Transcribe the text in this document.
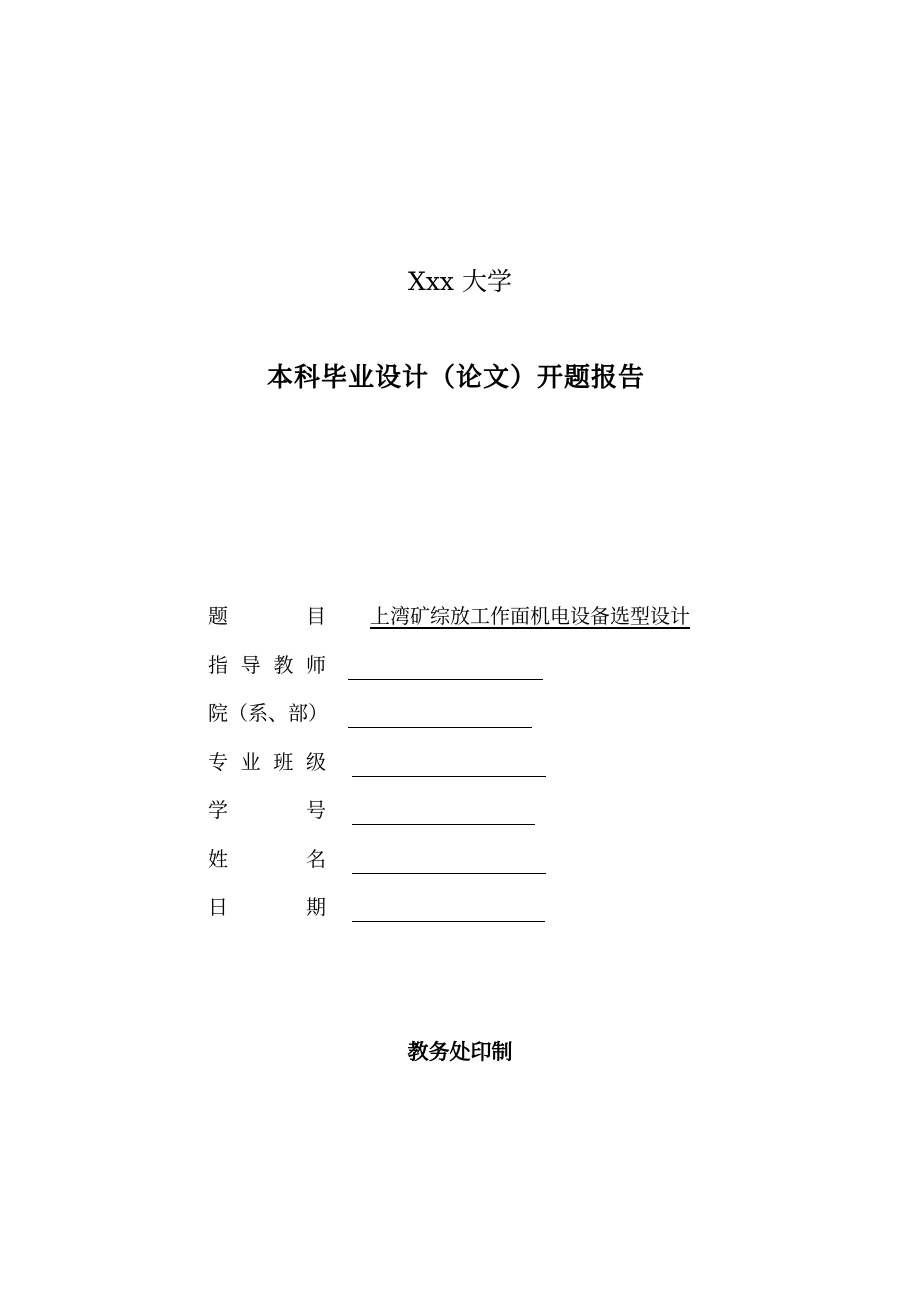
Xxx 大学
本科毕业设计（论文）开题报告
题	目	上湾矿综放工作面机电设备选型设计
指 导 教 师
院（系、部）
专 业 班 级
学	号
姓	名
日	期
教务处印制
